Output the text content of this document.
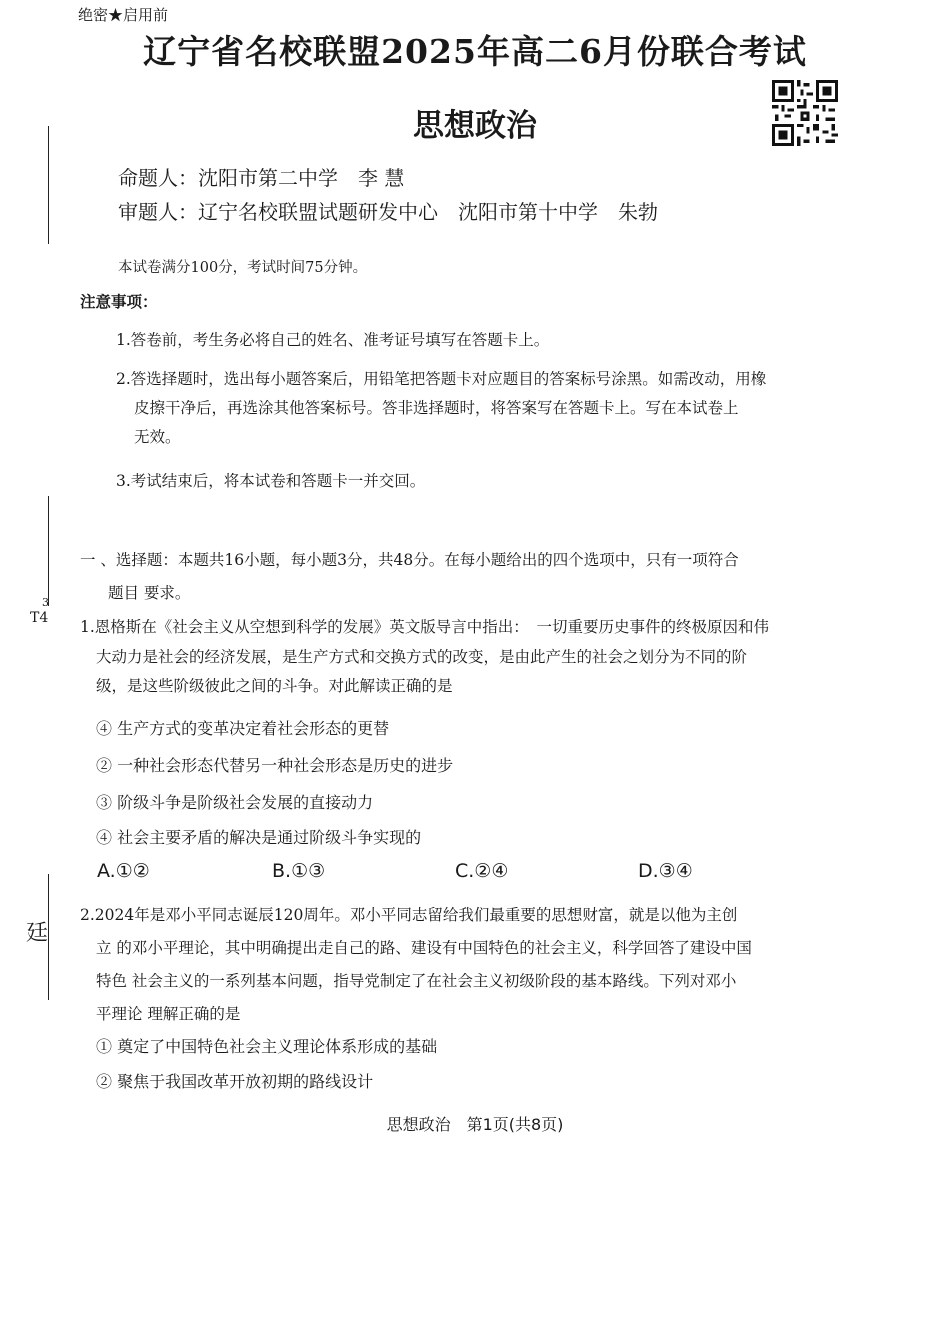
绝密★启用前
辽宁省名校联盟2025年高二6月份联合考试
思想政治
T4
3
廷
命题人：沈阳市第二中学　李 慧
审题人：辽宁名校联盟试题研发中心　沈阳市第十中学　朱勃
本试卷满分100分，考试时间75分钟。
注意事项：
1.答卷前，考生务必将自己的姓名、准考证号填写在答题卡上。
2.答选择题时，选出每小题答案后，用铅笔把答题卡对应题目的答案标号涂黑。如需改动，用橡
皮擦干净后，再选涂其他答案标号。答非选择题时，将答案写在答题卡上。写在本试卷上
无效。
3.考试结束后，将本试卷和答题卡一并交回。
一 、选择题：本题共16小题，每小题3分，共48分。在每小题给出的四个选项中，只有一项符合
题目 要求。
1.恩格斯在《社会主义从空想到科学的发展》英文版导言中指出：　一切重要历史事件的终极原因和伟
大动力是社会的经济发展，是生产方式和交换方式的改变，是由此产生的社会之划分为不同的阶
级，是这些阶级彼此之间的斗争。对此解读正确的是
④ 生产方式的变革决定着社会形态的更替
② 一种社会形态代替另一种社会形态是历史的进步
③ 阶级斗争是阶级社会发展的直接动力
④ 社会主要矛盾的解决是通过阶级斗争实现的
A.①②	B.①③	C.②④	D.③④
2.2024年是邓小平同志诞辰120周年。邓小平同志留给我们最重要的思想财富，就是以他为主创
立 的邓小平理论，其中明确提出走自己的路、建设有中国特色的社会主义，科学回答了建设中国
特色 社会主义的一系列基本问题，指导党制定了在社会主义初级阶段的基本路线。下列对邓小
平理论 理解正确的是
① 奠定了中国特色社会主义理论体系形成的基础
② 聚焦于我国改革开放初期的路线设计
思想政治　第1页(共8页)
